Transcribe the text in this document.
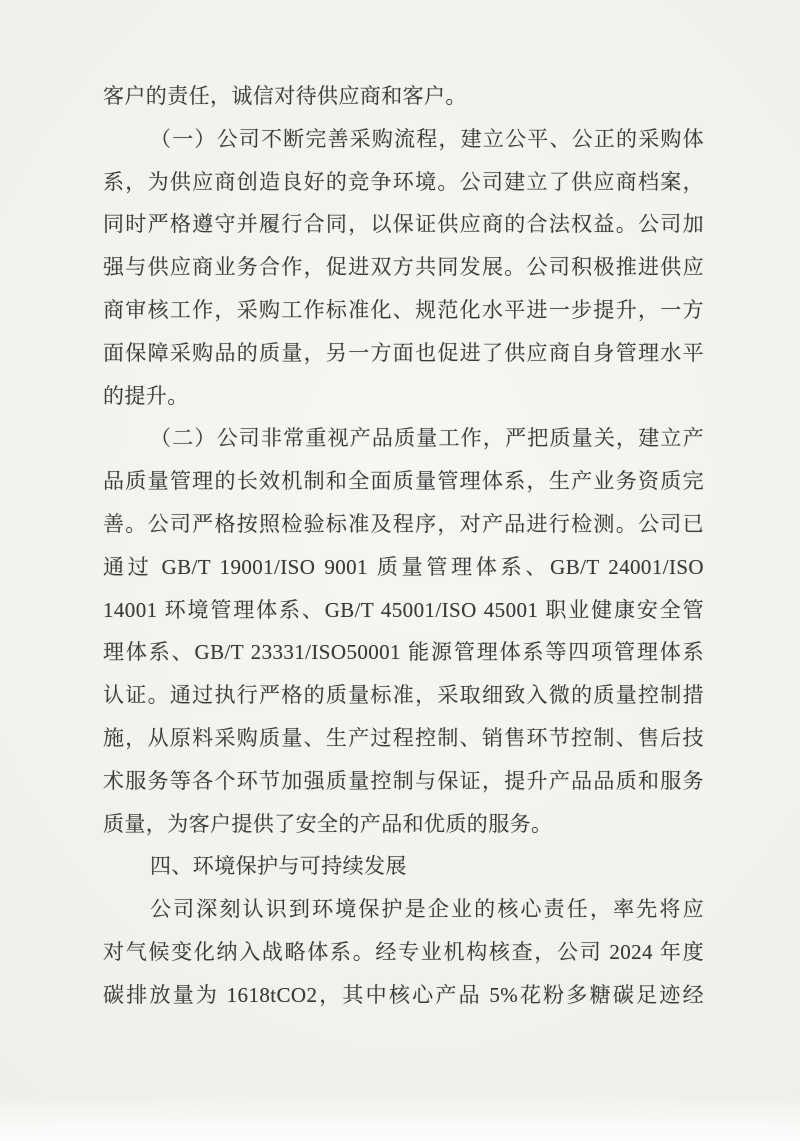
客户的责任，诚信对待供应商和客户。
（一）公司不断完善采购流程，建立公平、公正的采购体
系，为供应商创造良好的竞争环境。公司建立了供应商档案，
同时严格遵守并履行合同，以保证供应商的合法权益。公司加
强与供应商业务合作，促进双方共同发展。公司积极推进供应
商审核工作，采购工作标准化、规范化水平进一步提升，一方
面保障采购品的质量，另一方面也促进了供应商自身管理水平
的提升。
（二）公司非常重视产品质量工作，严把质量关，建立产
品质量管理的长效机制和全面质量管理体系，生产业务资质完
善。公司严格按照检验标准及程序，对产品进行检测。公司已
通过 GB/T 19001/ISO 9001 质量管理体系、GB/T 24001/ISO
14001 环境管理体系、GB/T 45001/ISO 45001 职业健康安全管
理体系、GB/T 23331/ISO50001 能源管理体系等四项管理体系
认证。通过执行严格的质量标准，采取细致入微的质量控制措
施，从原料采购质量、生产过程控制、销售环节控制、售后技
术服务等各个环节加强质量控制与保证，提升产品品质和服务
质量，为客户提供了安全的产品和优质的服务。
四、环境保护与可持续发展
公司深刻认识到环境保护是企业的核心责任，率先将应
对气候变化纳入战略体系。经专业机构核查，公司 2024 年度
碳排放量为 1618tCO2，其中核心产品 5%花粉多糖碳足迹经
